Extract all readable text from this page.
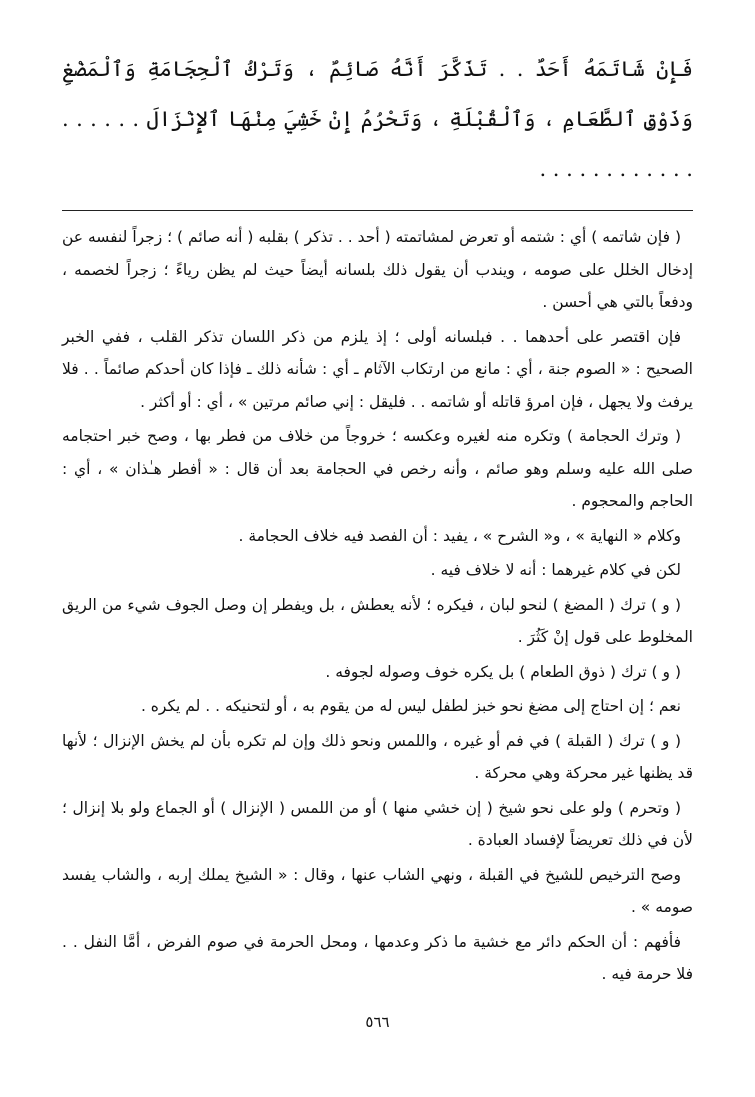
فَإِنْ شَاتَمَهُ أَحَدٌ . . تَذَكَّرَ أَنَّهُ صَائِمٌ ، وَتَرْكُ ٱلْحِجَامَةِ وَٱلْمَضْغِ وَذَوْقِ ٱلطَّعَامِ ، وَٱلْقُبْلَةِ ، وَتَحْرُمُ إِنْ خَشِيَ مِنْهَا ٱلإِنْزَالَ . . . . . . . . . . . . . . . . . .

( فإن شاتمه ) أي : شتمه أو تعرض لمشاتمته ( أحد . . تذكر ) بقلبه ( أنه صائم ) ؛ زجراً لنفسه عن إدخال الخلل على صومه ، ويندب أن يقول ذلك بلسانه أيضاً حيث لم يظن رياءً ؛ زجراً لخصمه ، ودفعاً بالتي هي أحسن .

فإن اقتصر على أحدهما . . فبلسانه أولى ؛ إذ يلزم من ذكر اللسان تذكر القلب ، ففي الخبر الصحيح : « الصوم جنة ، أي : مانع من ارتكاب الآثام ـ أي : شأنه ذلك ـ فإذا كان أحدكم صائماً . . فلا يرفث ولا يجهل ، فإن امرؤ قاتله أو شاتمه . . فليقل : إني صائم مرتين » ، أي : أو أكثر .

( وترك الحجامة ) وتكره منه لغيره وعكسه ؛ خروجاً من خلاف من فطر بها ، وصح خبر احتجامه صلى الله عليه وسلم وهو صائم ، وأنه رخص في الحجامة بعد أن قال : « أفطر هـٰذان » ، أي : الحاجم والمحجوم .

وكلام « النهاية » ، و« الشرح » ، يفيد : أن الفصد فيه خلاف الحجامة .

لكن في كلام غيرهما : أنه لا خلاف فيه .

( و ) ترك ( المضغ ) لنحو لبان ، فيكره ؛ لأنه يعطش ، بل ويفطر إن وصل الجوف شيء من الريق المخلوط على قول إنْ كَثُرَ .

( و ) ترك ( ذوق الطعام ) بل يكره خوف وصوله لجوفه .

نعم ؛ إن احتاج إلى مضغ نحو خبز لطفل ليس له من يقوم به ، أو لتحنيكه . . لم يكره .

( و ) ترك ( القبلة ) في فم أو غيره ، واللمس ونحو ذلك وإن لم تكره بأن لم يخش الإنزال ؛ لأنها قد يظنها غير محركة وهي محركة .

( وتحرم ) ولو على نحو شيخ ( إن خشي منها ) أو من اللمس ( الإنزال ) أو الجماع ولو بلا إنزال ؛ لأن في ذلك تعريضاً لإفساد العبادة .

وصح الترخيص للشيخ في القبلة ، ونهي الشاب عنها ، وقال : « الشيخ يملك إربه ، والشاب يفسد صومه » .

فأفهم : أن الحكم دائر مع خشية ما ذكر وعدمها ، ومحل الحرمة في صوم الفرض ، أمَّا النفل . . فلا حرمة فيه .

٥٦٦
